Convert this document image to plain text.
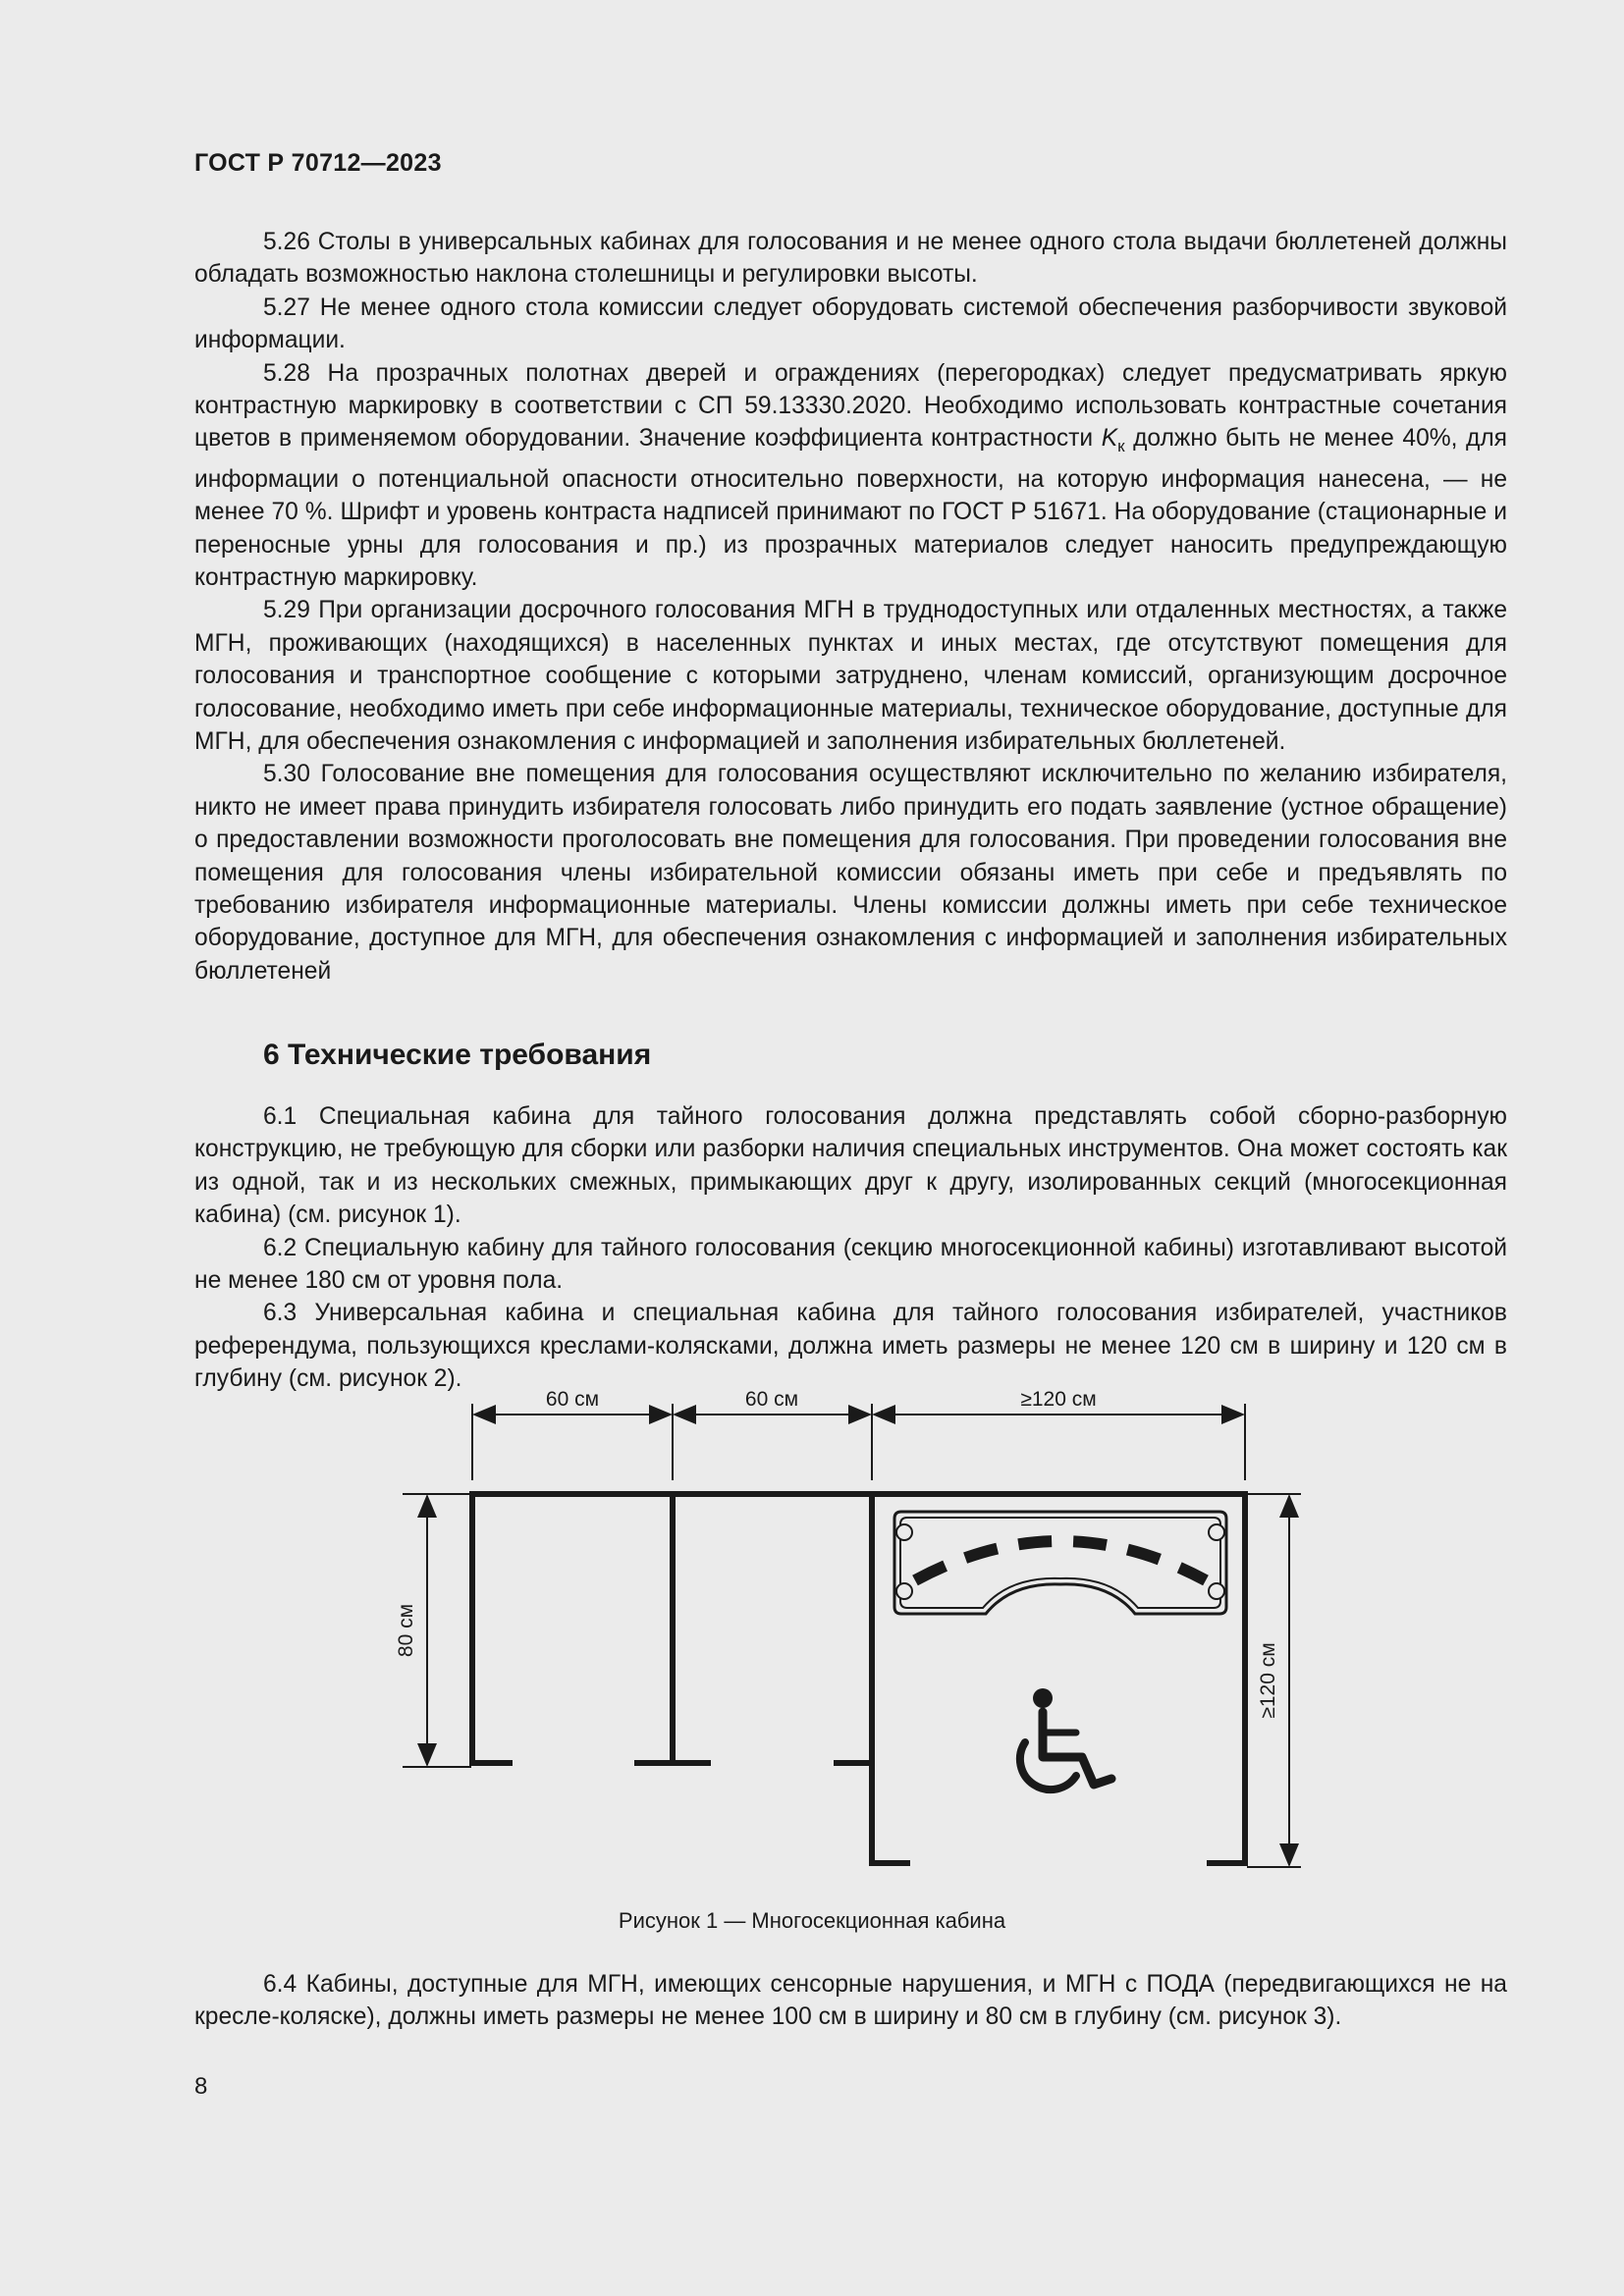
ГОСТ Р 70712—2023

5.26 Столы в универсальных кабинах для голосования и не менее одного стола выдачи бюллетеней должны обладать возможностью наклона столешницы и регулировки высоты.

5.27 Не менее одного стола комиссии следует оборудовать системой обеспечения разборчивости звуковой информации.

5.28 На прозрачных полотнах дверей и ограждениях (перегородках) следует предусматривать яркую контрастную маркировку в соответствии с СП 59.13330.2020. Необходимо использовать контрастные сочетания цветов в применяемом оборудовании. Значение коэффициента контрастности $K_к$ должно быть не менее 40%, для информации о потенциальной опасности относительно поверхности, на которую информация нанесена, — не менее 70 %. Шрифт и уровень контраста надписей принимают по ГОСТ Р 51671. На оборудование (стационарные и переносные урны для голосования и пр.) из прозрачных материалов следует наносить предупреждающую контрастную маркировку.

5.29 При организации досрочного голосования МГН в труднодоступных или отдаленных местностях, а также МГН, проживающих (находящихся) в населенных пунктах и иных местах, где отсутствуют помещения для голосования и транспортное сообщение с которыми затруднено, членам комиссий, организующим досрочное голосование, необходимо иметь при себе информационные материалы, техническое оборудование, доступные для МГН, для обеспечения ознакомления с информацией и заполнения избирательных бюллетеней.

5.30 Голосование вне помещения для голосования осуществляют исключительно по желанию избирателя, никто не имеет права принудить избирателя голосовать либо принудить его подать заявление (устное обращение) о предоставлении возможности проголосовать вне помещения для голосования. При проведении голосования вне помещения для голосования члены избирательной комиссии обязаны иметь при себе и предъявлять по требованию избирателя информационные материалы. Члены комиссии должны иметь при себе техническое оборудование, доступное для МГН, для обеспечения ознакомления с информацией и заполнения избирательных бюллетеней

6 Технические требования

6.1 Специальная кабина для тайного голосования должна представлять собой сборно-разборную конструкцию, не требующую для сборки или разборки наличия специальных инструментов. Она может состоять как из одной, так и из нескольких смежных, примыкающих друг к другу, изолированных секций (многосекционная кабина) (см. рисунок 1).

6.2 Специальную кабину для тайного голосования (секцию многосекционной кабины) изготавливают высотой не менее 180 см от уровня пола.

6.3 Универсальная кабина и специальная кабина для тайного голосования избирателей, участников референдума, пользующихся креслами-колясками, должна иметь размеры не менее 120 см в ширину и 120 см в глубину (см. рисунок 2).

60 см	60 см	≥120 см
80 см
≥120 см
Рисунок 1 — Многосекционная кабина

6.4 Кабины, доступные для МГН, имеющих сенсорные нарушения, и МГН с ПОДА (передвигающихся не на кресле-коляске), должны иметь размеры не менее 100 см в ширину и 80 см в глубину (см. рисунок 3).

8
